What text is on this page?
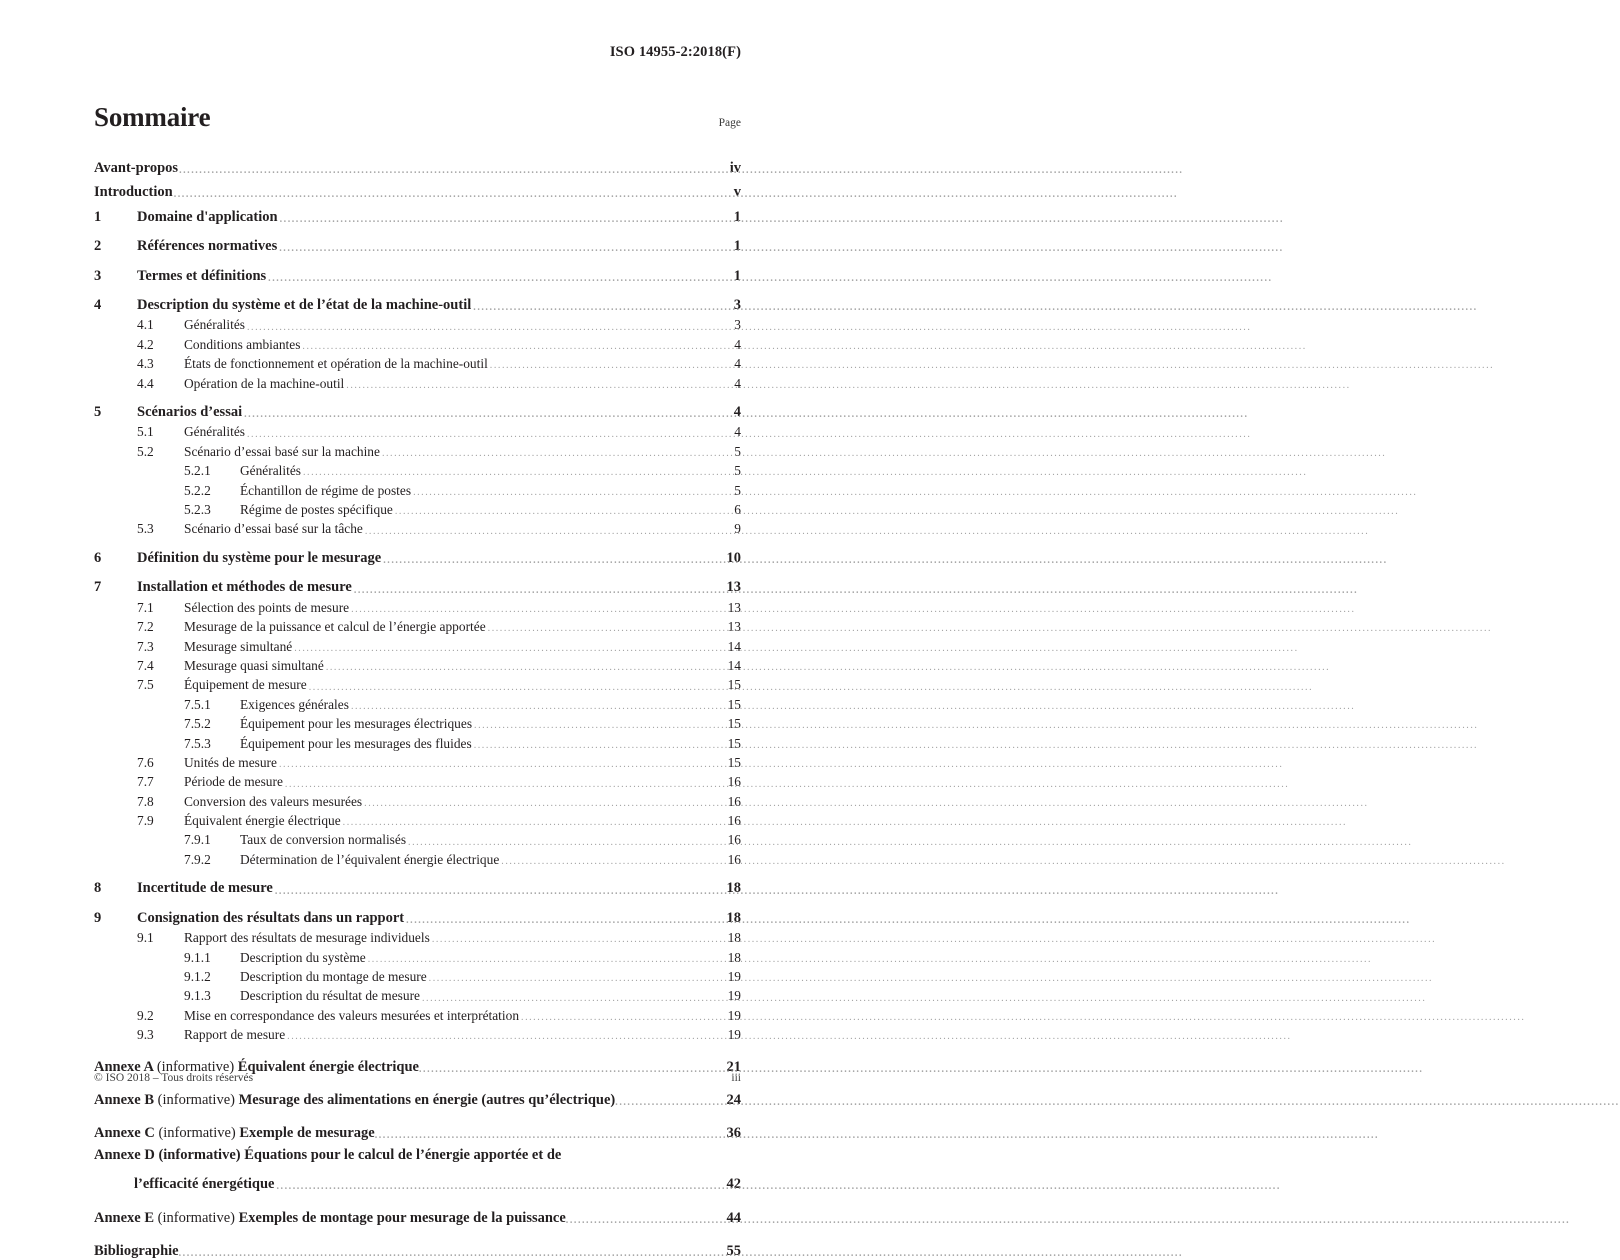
ISO 14955-2:2018(F)
Sommaire	Page
Avant-propos .....	iv
Introduction .....	v
1	Domaine d'application .....	1
2	Références normatives .....	1
3	Termes et définitions .....	1
4	Description du système et de l’état de la machine-outil .....	3
4.1	Généralités .....	3
4.2	Conditions ambiantes .....	4
4.3	États de fonctionnement et opération de la machine-outil .....	4
4.4	Opération de la machine-outil .....	4
5	Scénarios d’essai .....	4
5.1	Généralités .....	4
5.2	Scénario d’essai basé sur la machine .....	5
5.2.1	Généralités .....	5
5.2.2	Échantillon de régime de postes .....	5
5.2.3	Régime de postes spécifique .....	6
5.3	Scénario d’essai basé sur la tâche .....	9
6	Définition du système pour le mesurage .....	10
7	Installation et méthodes de mesure .....	13
7.1	Sélection des points de mesure .....	13
7.2	Mesurage de la puissance et calcul de l’énergie apportée .....	13
7.3	Mesurage simultané .....	14
7.4	Mesurage quasi simultané .....	14
7.5	Équipement de mesure .....	15
7.5.1	Exigences générales .....	15
7.5.2	Équipement pour les mesurages électriques .....	15
7.5.3	Équipement pour les mesurages des fluides .....	15
7.6	Unités de mesure .....	15
7.7	Période de mesure .....	16
7.8	Conversion des valeurs mesurées .....	16
7.9	Équivalent énergie électrique .....	16
7.9.1	Taux de conversion normalisés .....	16
7.9.2	Détermination de l’équivalent énergie électrique .....	16
8	Incertitude de mesure .....	18
9	Consignation des résultats dans un rapport .....	18
9.1	Rapport des résultats de mesurage individuels .....	18
9.1.1	Description du système .....	18
9.1.2	Description du montage de mesure .....	19
9.1.3	Description du résultat de mesure .....	19
9.2	Mise en correspondance des valeurs mesurées et interprétation .....	19
9.3	Rapport de mesure .....	19
Annexe A (informative) Équivalent énergie électrique .....	21
Annexe B (informative) Mesurage des alimentations en énergie (autres qu’électrique) .....	24
Annexe C (informative) Exemple de mesurage .....	36
Annexe D (informative) Équations pour le calcul de l’énergie apportée et de
l’efficacité énergétique .....	42
Annexe E (informative) Exemples de montage pour mesurage de la puissance .....	44
Bibliographie .....	55
© ISO 2018 – Tous droits réservés	iii
